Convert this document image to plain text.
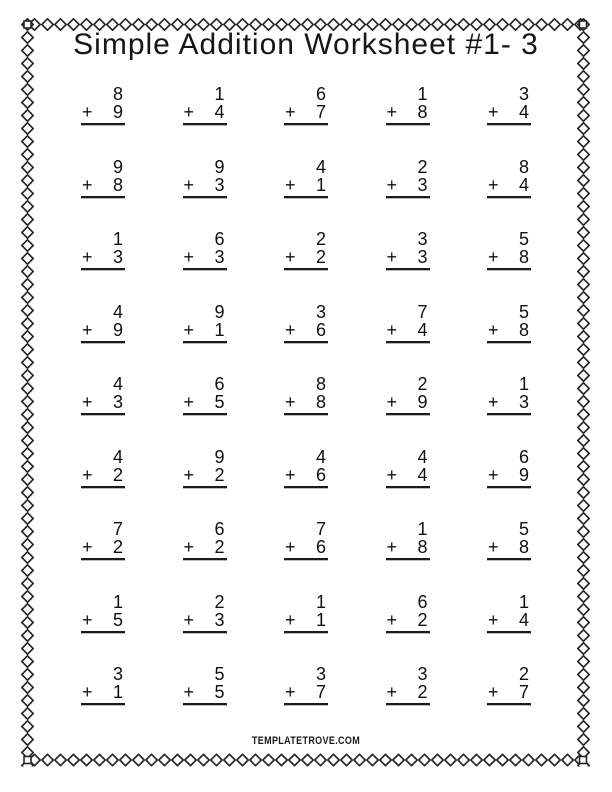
Simple Addition Worksheet #1- 3
8
+ 9
1
+ 4
6
+ 7
1
+ 8
3
+ 4
9
+ 8
9
+ 3
4
+ 1
2
+ 3
8
+ 4
1
+ 3
6
+ 3
2
+ 2
3
+ 3
5
+ 8
4
+ 9
9
+ 1
3
+ 6
7
+ 4
5
+ 8
4
+ 3
6
+ 5
8
+ 8
2
+ 9
1
+ 3
4
+ 2
9
+ 2
4
+ 6
4
+ 4
6
+ 9
7
+ 2
6
+ 2
7
+ 6
1
+ 8
5
+ 8
1
+ 5
2
+ 3
1
+ 1
6
+ 2
1
+ 4
3
+ 1
5
+ 5
3
+ 7
3
+ 2
2
+ 7
TEMPLATETROVE.COM
